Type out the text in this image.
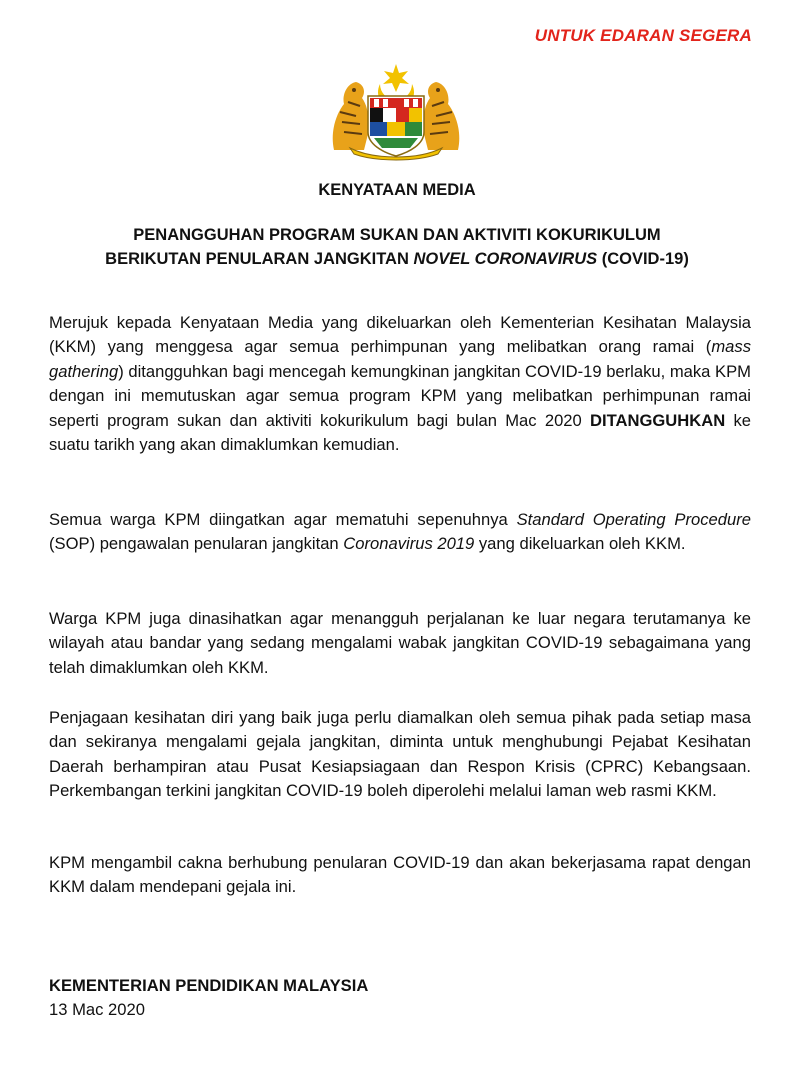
UNTUK EDARAN SEGERA
KENYATAAN MEDIA
PENANGGUHAN PROGRAM SUKAN DAN AKTIVITI KOKURIKULUM
BERIKUTAN PENULARAN JANGKITAN NOVEL CORONAVIRUS (COVID-19)

Merujuk kepada Kenyataan Media yang dikeluarkan oleh Kementerian Kesihatan Malaysia (KKM) yang menggesa agar semua perhimpunan yang melibatkan orang ramai (mass gathering) ditangguhkan bagi mencegah kemungkinan jangkitan COVID-19 berlaku, maka KPM dengan ini memutuskan agar semua program KPM yang melibatkan perhimpunan ramai seperti program sukan dan aktiviti kokurikulum bagi bulan Mac 2020 DITANGGUHKAN ke suatu tarikh yang akan dimaklumkan kemudian.

Semua warga KPM diingatkan agar mematuhi sepenuhnya Standard Operating Procedure (SOP) pengawalan penularan jangkitan Coronavirus 2019 yang dikeluarkan oleh KKM.

Warga KPM juga dinasihatkan agar menangguh perjalanan ke luar negara terutamanya ke wilayah atau bandar yang sedang mengalami wabak jangkitan COVID-19 sebagaimana yang telah dimaklumkan oleh KKM.

Penjagaan kesihatan diri yang baik juga perlu diamalkan oleh semua pihak pada setiap masa dan sekiranya mengalami gejala jangkitan, diminta untuk menghubungi Pejabat Kesihatan Daerah berhampiran atau Pusat Kesiapsiagaan dan Respon Krisis (CPRC) Kebangsaan. Perkembangan terkini jangkitan COVID-19 boleh diperolehi melalui laman web rasmi KKM.

KPM mengambil cakna berhubung penularan COVID-19 dan akan bekerjasama rapat dengan KKM dalam mendepani gejala ini.

KEMENTERIAN PENDIDIKAN MALAYSIA
13 Mac 2020
